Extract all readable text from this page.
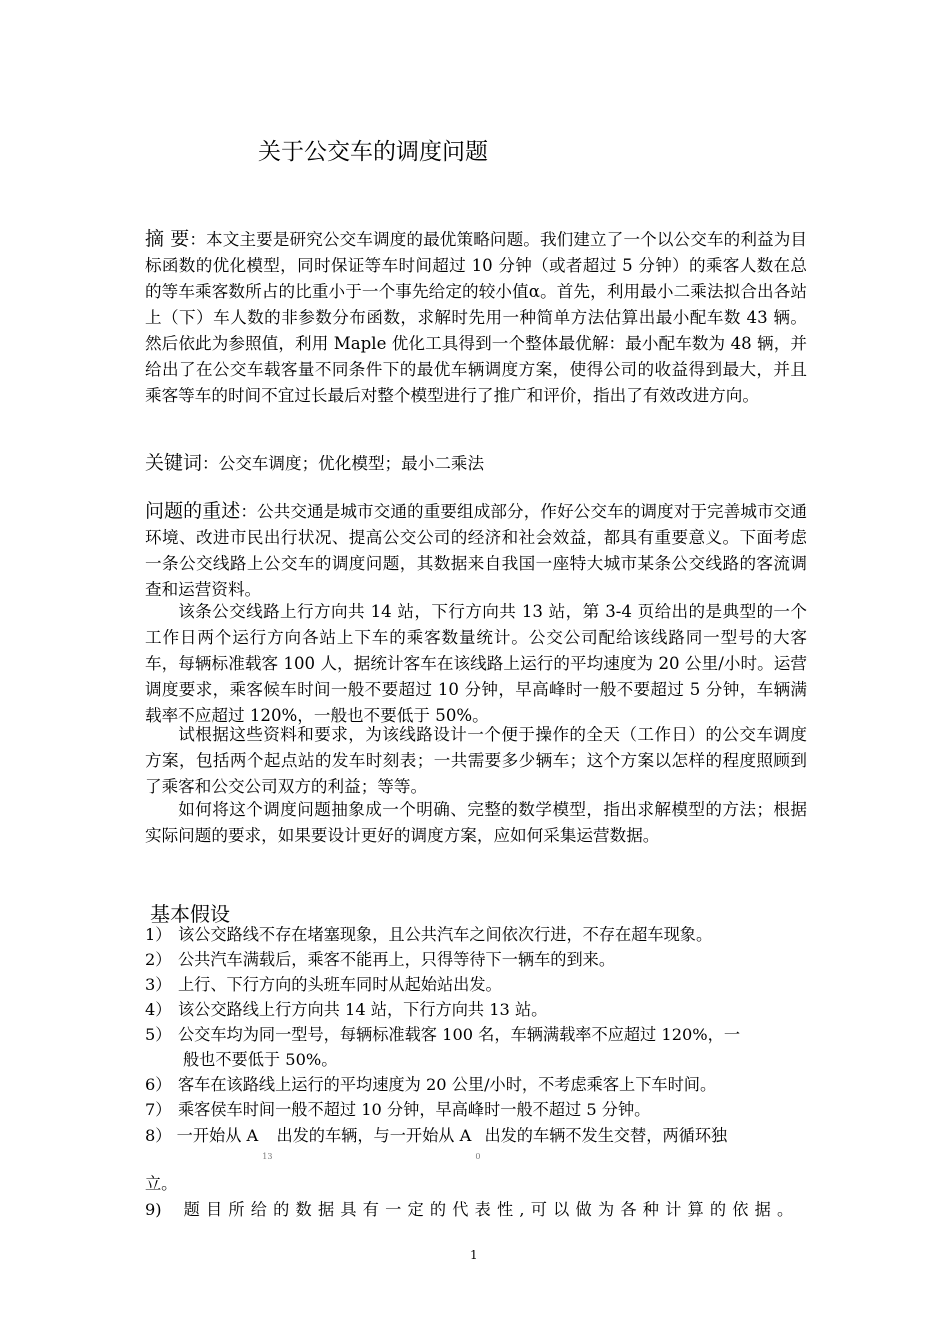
关于公交车的调度问题

摘 要：本文主要是研究公交车调度的最优策略问题。我们建立了一个以公交车的利益为目标函数的优化模型，同时保证等车时间超过 10 分钟（或者超过 5 分钟）的乘客人数在总的等车乘客数所占的比重小于一个事先给定的较小值α。首先，利用最小二乘法拟合出各站上（下）车人数的非参数分布函数，求解时先用一种简单方法估算出最小配车数 43 辆。然后依此为参照值，利用 Maple 优化工具得到一个整体最优解：最小配车数为 48 辆，并给出了在公交车载客量不同条件下的最优车辆调度方案，使得公司的收益得到最大，并且乘客等车的时间不宜过长最后对整个模型进行了推广和评价，指出了有效改进方向。

关键词：公交车调度；优化模型；最小二乘法

问题的重述：公共交通是城市交通的重要组成部分，作好公交车的调度对于完善城市交通环境、改进市民出行状况、提高公交公司的经济和社会效益，都具有重要意义。下面考虑一条公交线路上公交车的调度问题，其数据来自我国一座特大城市某条公交线路的客流调查和运营资料。

该条公交线路上行方向共 14 站，下行方向共 13 站，第 3-4 页给出的是典型的一个工作日两个运行方向各站上下车的乘客数量统计。公交公司配给该线路同一型号的大客车，每辆标准载客 100 人，据统计客车在该线路上运行的平均速度为 20 公里/小时。运营调度要求，乘客候车时间一般不要超过 10 分钟，早高峰时一般不要超过 5 分钟，车辆满载率不应超过 120%，一般也不要低于 50%。

试根据这些资料和要求，为该线路设计一个便于操作的全天（工作日）的公交车调度方案，包括两个起点站的发车时刻表；一共需要多少辆车；这个方案以怎样的程度照顾到了乘客和公交公司双方的利益；等等。

如何将这个调度问题抽象成一个明确、完整的数学模型，指出求解模型的方法；根据实际问题的要求，如果要设计更好的调度方案，应如何采集运营数据。

基本假设
1） 该公交路线不存在堵塞现象，且公共汽车之间依次行进，不存在超车现象。
2） 公共汽车满载后，乘客不能再上，只得等待下一辆车的到来。
3） 上行、下行方向的头班车同时从起始站出发。
4） 该公交路线上行方向共 14 站，下行方向共 13 站。
5） 公交车均为同一型号，每辆标准载客 100 名，车辆满载率不应超过 120%，一
般也不要低于 50%。
6） 客车在该路线上运行的平均速度为 20 公里/小时，不考虑乘客上下车时间。
7） 乘客侯车时间一般不超过 10 分钟，早高峰时一般不超过 5 分钟。
8） 一开始从 $A_{13}$出发的车辆，与一开始从 $A_0$出发的车辆不发生交替，两循环独
立。
9) 题目所给的数据具有一定的代表性,可以做为各种计算的依据。
1
